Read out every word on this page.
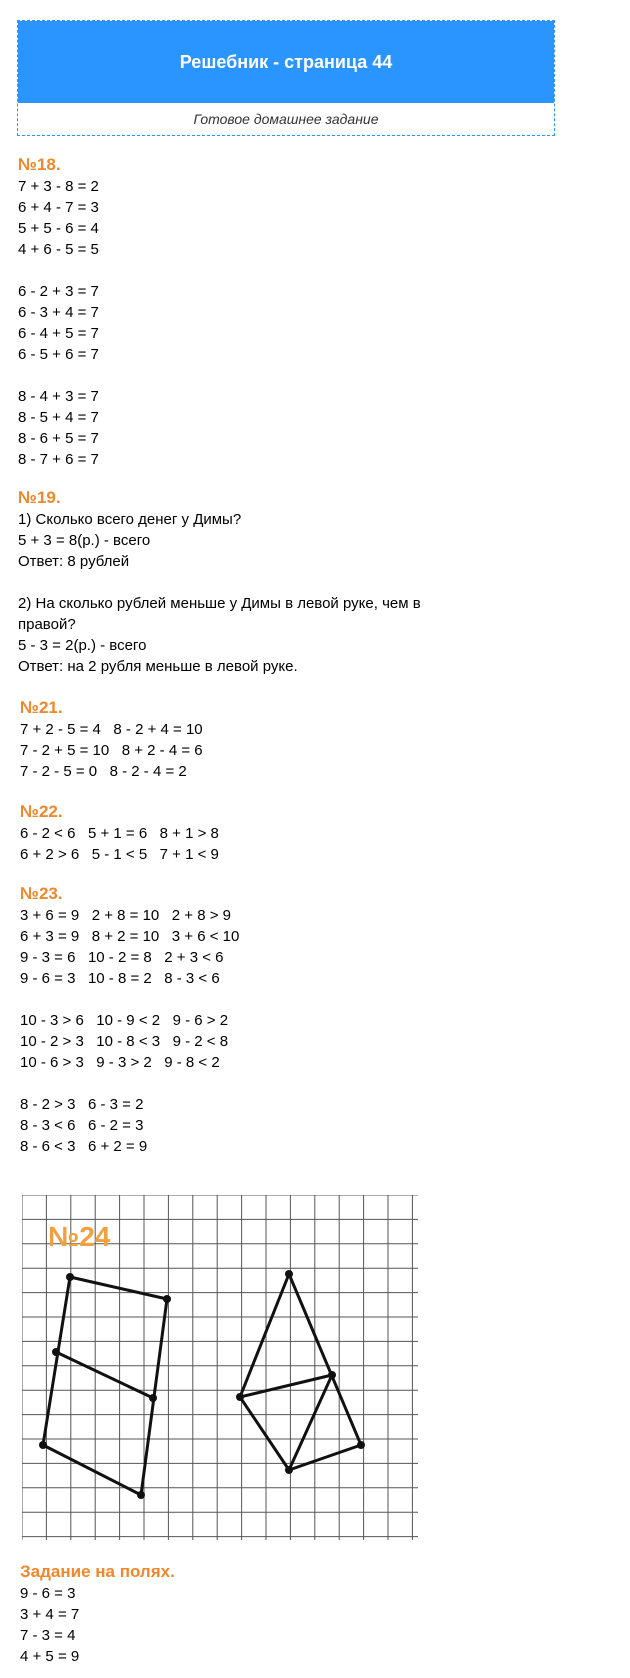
Решебник - страница 44
Готовое домашнее задание
№18.
7 + 3 - 8 = 2
6 + 4 - 7 = 3
5 + 5 - 6 = 4
4 + 6 - 5 = 5
6 - 2 + 3 = 7
6 - 3 + 4 = 7
6 - 4 + 5 = 7
6 - 5 + 6 = 7
8 - 4 + 3 = 7
8 - 5 + 4 = 7
8 - 6 + 5 = 7
8 - 7 + 6 = 7
№19.
1) Сколько всего денег у Димы?
5 + 3 = 8(р.) - всего
Ответ: 8 рублей
2) На сколько рублей меньше у Димы в левой руке, чем в
правой?
5 - 3 = 2(р.) - всего
Ответ: на 2 рубля меньше в левой руке.
№21.
7 + 2 - 5 = 4   8 - 2 + 4 = 10
7 - 2 + 5 = 10   8 + 2 - 4 = 6
7 - 2 - 5 = 0   8 - 2 - 4 = 2
№22.
6 - 2 < 6   5 + 1 = 6   8 + 1 > 8
6 + 2 > 6   5 - 1 < 5   7 + 1 < 9
№23.
3 + 6 = 9   2 + 8 = 10   2 + 8 > 9
6 + 3 = 9   8 + 2 = 10   3 + 6 < 10
9 - 3 = 6   10 - 2 = 8   2 + 3 < 6
9 - 6 = 3   10 - 8 = 2   8 - 3 < 6
10 - 3 > 6   10 - 9 < 2   9 - 6 > 2
10 - 2 > 3   10 - 8 < 3   9 - 2 < 8
10 - 6 > 3   9 - 3 > 2   9 - 8 < 2
8 - 2 > 3   6 - 3 = 2
8 - 3 < 6   6 - 2 = 3
8 - 6 < 3   6 + 2 = 9
№24
Задание на полях.
9 - 6 = 3
3 + 4 = 7
7 - 3 = 4
4 + 5 = 9
